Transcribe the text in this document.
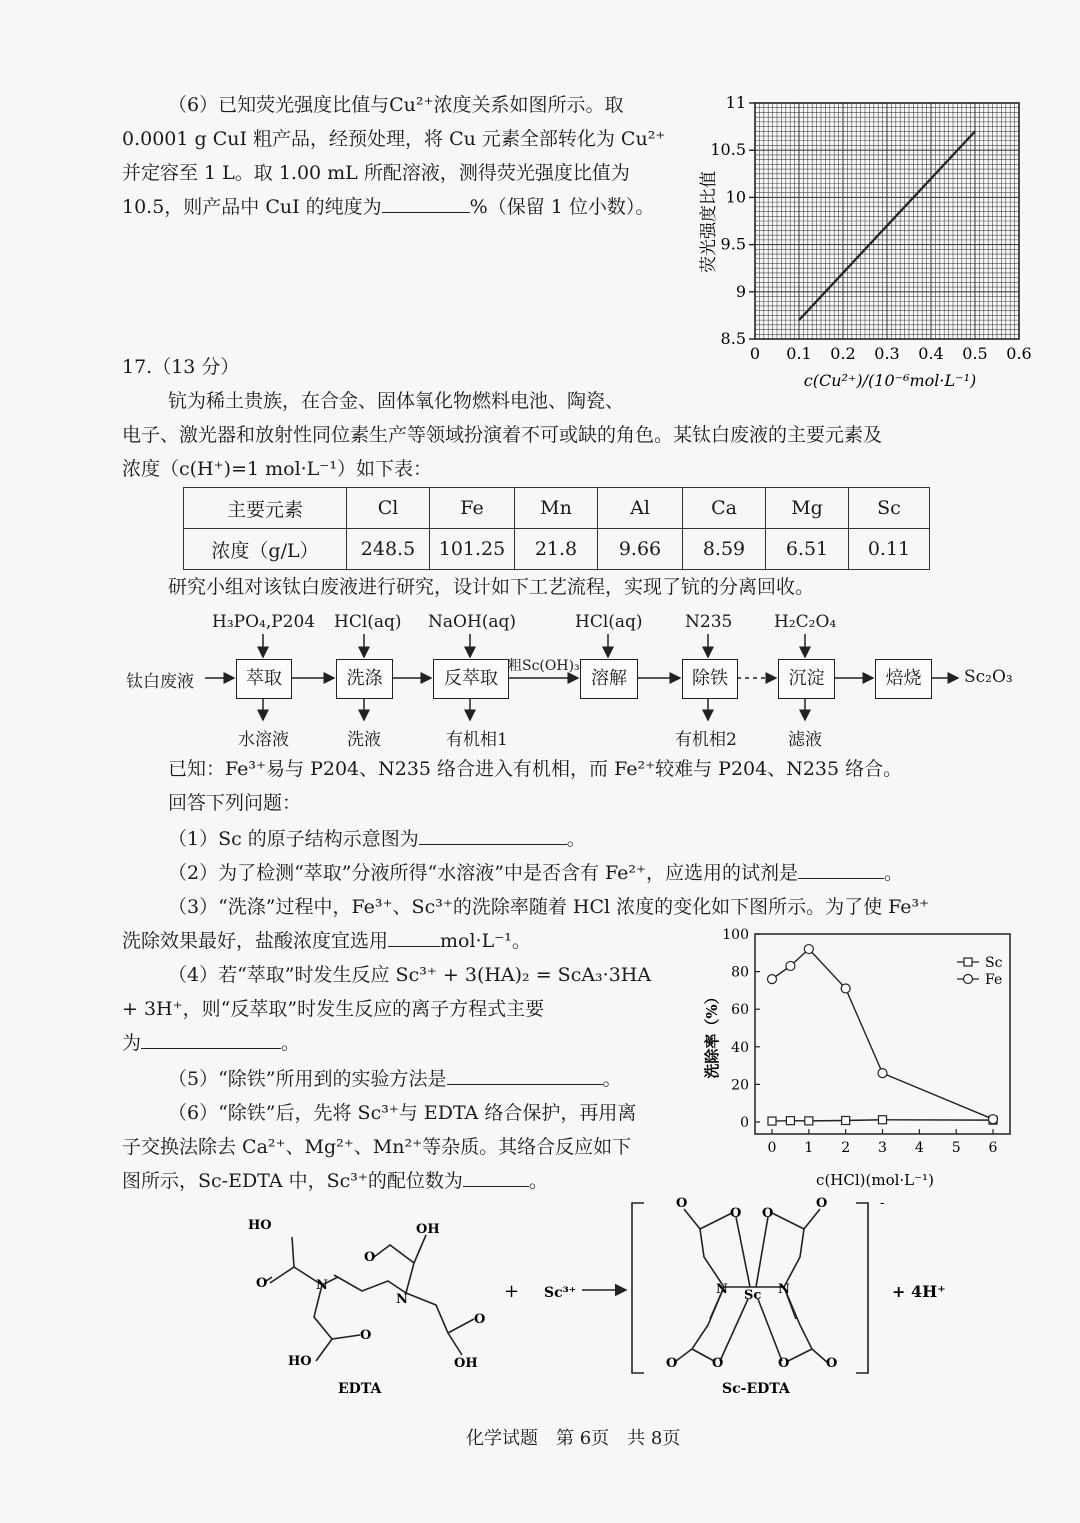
（6）已知荧光强度比值与Cu²⁺浓度关系如图所示。取
0.0001 g CuI 粗产品，经预处理，将 Cu 元素全部转化为 Cu²⁺
并定容至 1 L。取 1.00 mL 所配溶液，测得荧光强度比值为
10.5，则产品中 CuI 的纯度为	%（保留 1 位小数）。
0 0.1 0.2 0.3 0.4 0.5 0.6
8.5
9
9.5
10
10.5
11
荧光强度比值
c(Cu²⁺)/(10⁻⁶mol·L⁻¹)
17.（13 分）
钪为稀土贵族，在合金、固体氧化物燃料电池、陶瓷、
电子、激光器和放射性同位素生产等领域扮演着不可或缺的角色。某钛白废液的主要元素及
浓度（c(H⁺)=1 mol·L⁻¹）如下表：
主要元素	Cl	Fe	Mn	Al	Ca	Mg	Sc
浓度（g/L）	248.5	101.25	21.8	9.66	8.59	6.51	0.11
研究小组对该钛白废液进行研究，设计如下工艺流程，实现了钪的分离回收。
钛白废液	萃取	洗涤	反萃取	溶解	除铁	沉淀	焙烧
H₃PO₄,P204 HCl(aq) NaOH(aq)	HCl(aq) N235 H₂C₂O₄
粗Sc(OH)₃
Sc₂O₃
水溶液	洗液	有机相1	有机相2	滤液
已知：Fe³⁺易与 P204、N235 络合进入有机相，而 Fe²⁺较难与 P204、N235 络合。
回答下列问题：
（1）Sc 的原子结构示意图为	。
（2）为了检测“萃取”分液所得“水溶液”中是否含有 Fe²⁺，应选用的试剂是	。
（3）“洗涤”过程中，Fe³⁺、Sc³⁺的洗除率随着 HCl 浓度的变化如下图所示。为了使 Fe³⁺
洗除效果最好，盐酸浓度宜选用	mol·L⁻¹。
（4）若“萃取”时发生反应 Sc³⁺ + 3(HA)₂ = ScA₃·3HA
+ 3H⁺，则“反萃取”时发生反应的离子方程式主要
为	。
（5）“除铁”所用到的实验方法是	。
（6）“除铁”后，先将 Sc³⁺与 EDTA 络合保护，再用离
子交换法除去 Ca²⁺、Mg²⁺、Mn²⁺等杂质。其络合反应如下
图所示，Sc-EDTA 中，Sc³⁺的配位数为	。
0 1 2 3 4 5 6
0
20
40
60
80
100
Sc
Fe
洗除率（%）
c(HCl)(mol·L⁻¹)
HO
O	N
OH
O
N
O
HO
O
OH
O
O O
O
N Sc N
O	O	O	O
EDTA
+ Sc³⁺
Sc-EDTA
-
+ 4H⁺
化学试题　第 6页　共 8页
